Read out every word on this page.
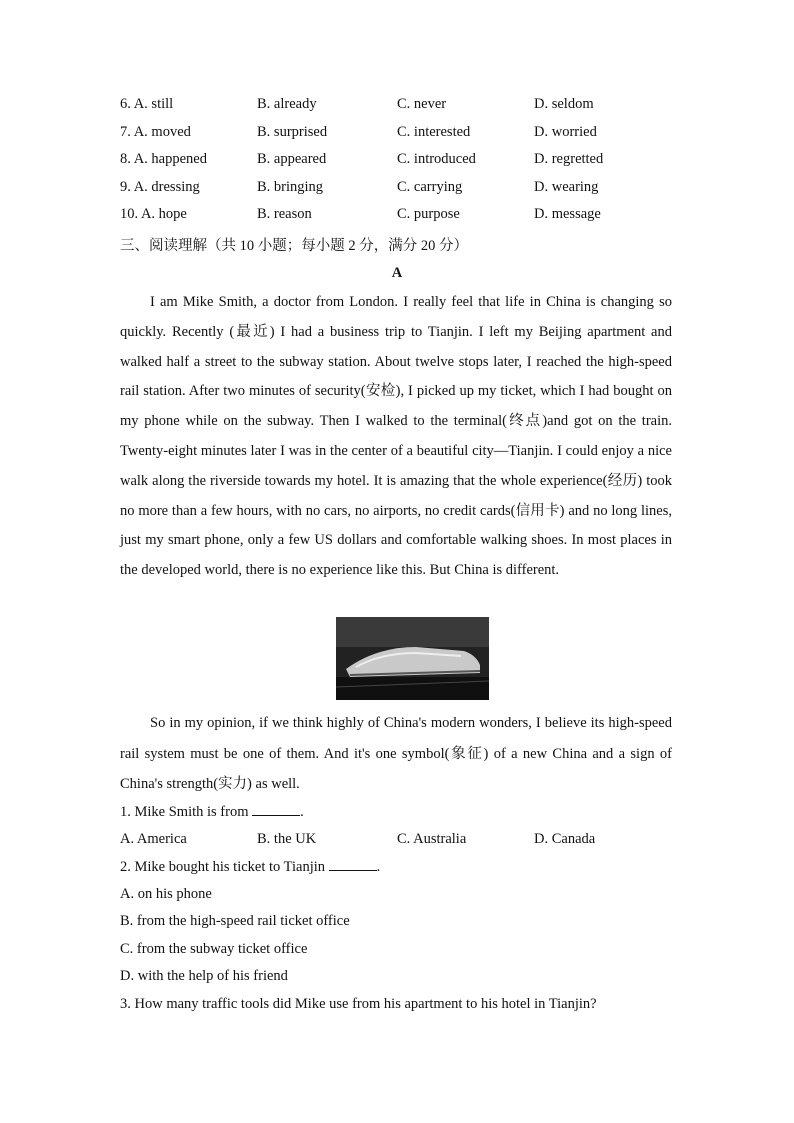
6. A. still	B. already	C. never	D. seldom
7. A. moved	B. surprised	C. interested	D. worried
8. A. happened	B. appeared	C. introduced	D. regretted
9. A. dressing	B. bringing	C. carrying	D. wearing
10. A. hope	B. reason	C. purpose	D. message
三、阅读理解（共 10 小题；每小题 2 分，满分 20 分）
A

I am Mike Smith, a doctor from London. I really feel that life in China is changing so quickly. Recently (最近) I had a business trip to Tianjin. I left my Beijing apartment and walked half a street to the subway station. About twelve stops later, I reached the high-speed rail station. After two minutes of security(安检), I picked up my ticket, which I had bought on my phone while on the subway. Then I walked to the terminal(终点)and got on the train. Twenty-eight minutes later I was in the center of a beautiful city—Tianjin. I could enjoy a nice walk along the riverside towards my hotel. It is amazing that the whole experience(经历) took no more than a few hours, with no cars, no airports, no credit cards(信用卡) and no long lines, just my smart phone, only a few US dollars and comfortable walking shoes. In most places in the developed world, there is no experience like this. But China is different.

So in my opinion, if we think highly of China's modern wonders, I believe its high-speed rail system must be one of them. And it's one symbol(象征) of a new China and a sign of China's strength(实力) as well.

1. Mike Smith is from	.
A. America	B. the UK	C. Australia	D. Canada
2. Mike bought his ticket to Tianjin	.
A. on his phone
B. from the high-speed rail ticket office
C. from the subway ticket office
D. with the help of his friend
3. How many traffic tools did Mike use from his apartment to his hotel in Tianjin?
